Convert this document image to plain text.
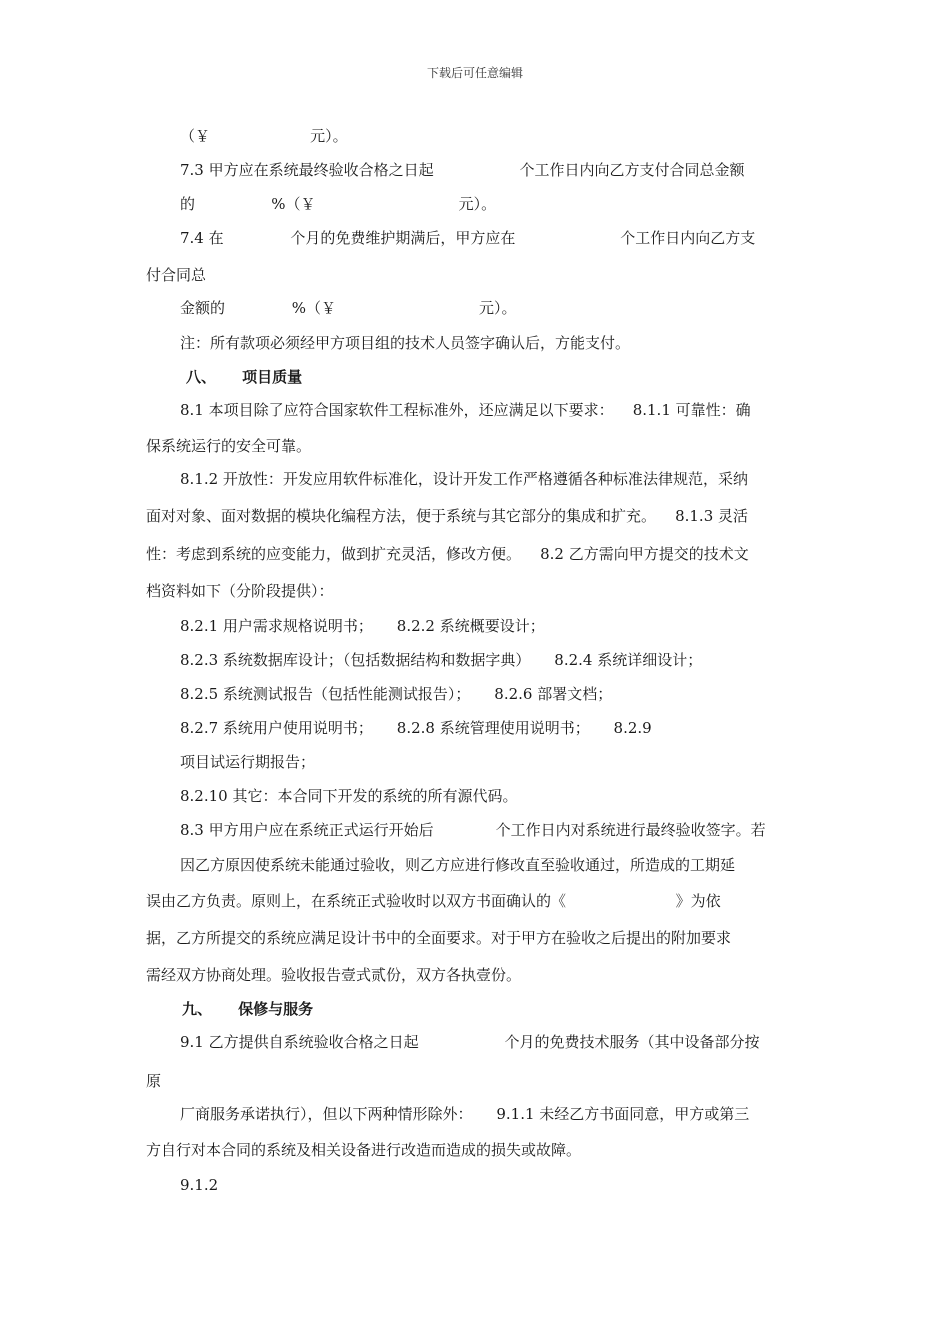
下载后可任意编辑
（￥                     元）。
7.3 甲方应在系统最终验收合格之日起                  个工作日内向乙方支付合同总金额
的                %（￥                              元）。
7.4 在              个月的免费维护期满后，甲方应在                      个工作日内向乙方支
付合同总
金额的              %（￥                              元）。
注：所有款项必须经甲方项目组的技术人员签字确认后，方能支付。
八、     项目质量
8.1 本项目除了应符合国家软件工程标准外，还应满足以下要求：    8.1.1 可靠性：确
保系统运行的安全可靠。
8.1.2 开放性：开发应用软件标准化，设计开发工作严格遵循各种标准法律规范，采纳
面对对象、面对数据的模块化编程方法，便于系统与其它部分的集成和扩充。    8.1.3 灵活
性：考虑到系统的应变能力，做到扩充灵活，修改方便。    8.2 乙方需向甲方提交的技术文
档资料如下（分阶段提供）：
8.2.1 用户需求规格说明书；     8.2.2 系统概要设计；
8.2.3 系统数据库设计；（包括数据结构和数据字典）     8.2.4 系统详细设计；
8.2.5 系统测试报告（包括性能测试报告）；     8.2.6 部署文档；
8.2.7 系统用户使用说明书；     8.2.8 系统管理使用说明书；     8.2.9
项目试运行期报告；
8.2.10 其它：本合同下开发的系统的所有源代码。
8.3 甲方用户应在系统正式运行开始后             个工作日内对系统进行最终验收签字。若
因乙方原因使系统未能通过验收，则乙方应进行修改直至验收通过，所造成的工期延
误由乙方负责。原则上，在系统正式验收时以双方书面确认的《                       》为依
据，乙方所提交的系统应满足设计书中的全面要求。对于甲方在验收之后提出的附加要求
需经双方协商处理。验收报告壹式贰份，双方各执壹份。
九、     保修与服务
9.1 乙方提供自系统验收合格之日起                  个月的免费技术服务（其中设备部分按
原
厂商服务承诺执行），但以下两种情形除外：     9.1.1 未经乙方书面同意，甲方或第三
方自行对本合同的系统及相关设备进行改造而造成的损失或故障。
9.1.2
